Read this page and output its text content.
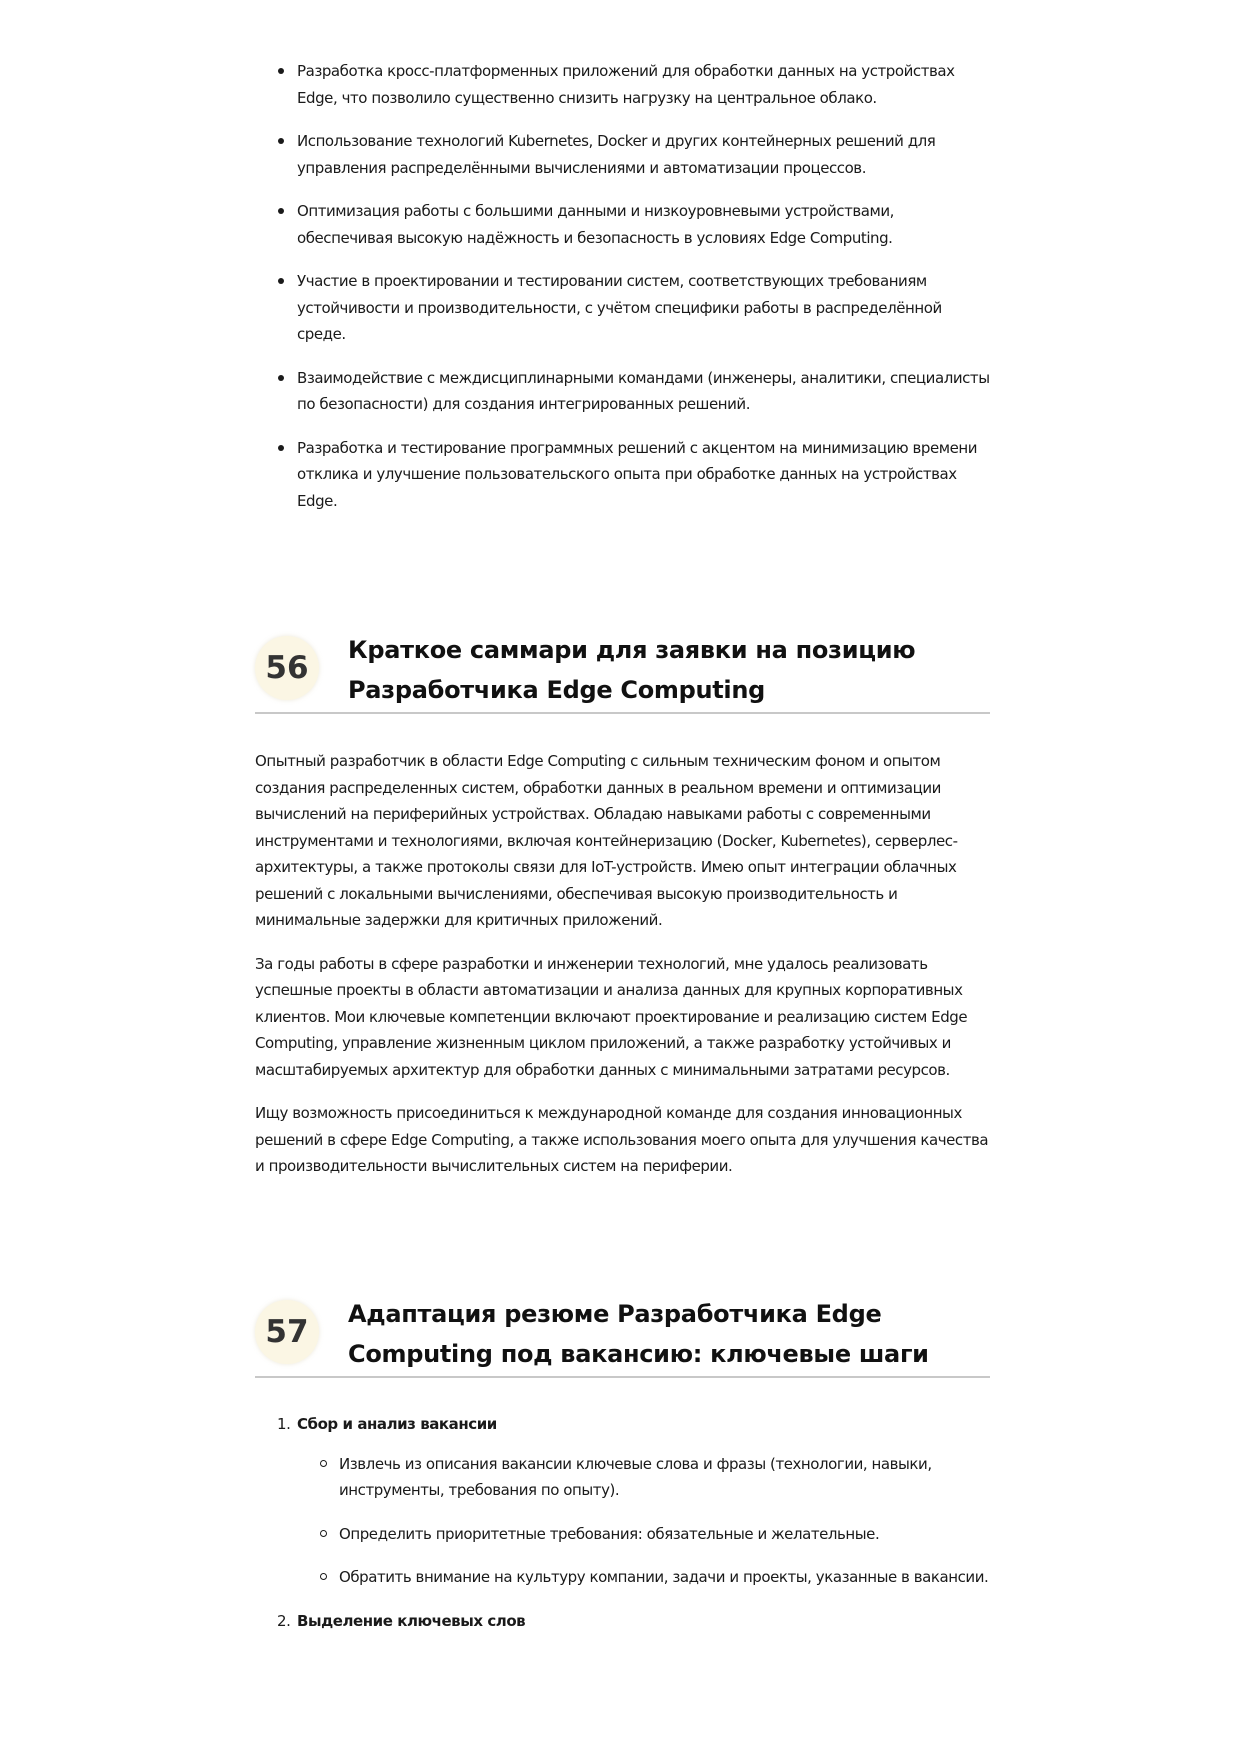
Разработка кросс-платформенных приложений для обработки данных на устройствах Edge, что позволило существенно снизить нагрузку на центральное облако.
Использование технологий Kubernetes, Docker и других контейнерных решений для управления распределёнными вычислениями и автоматизации процессов.
Оптимизация работы с большими данными и низкоуровневыми устройствами, обеспечивая высокую надёжность и безопасность в условиях Edge Computing.
Участие в проектировании и тестировании систем, соответствующих требованиям устойчивости и производительности, с учётом специфики работы в распределённой среде.
Взаимодействие с междисциплинарными командами (инженеры, аналитики, специалисты по безопасности) для создания интегрированных решений.
Разработка и тестирование программных решений с акцентом на минимизацию времени отклика и улучшение пользовательского опыта при обработке данных на устройствах Edge.
56	Краткое саммари для заявки на позицию Разработчика Edge Computing

Опытный разработчик в области Edge Computing с сильным техническим фоном и опытом создания распределенных систем, обработки данных в реальном времени и оптимизации вычислений на периферийных устройствах. Обладаю навыками работы с современными инструментами и технологиями, включая контейнеризацию (Docker, Kubernetes), серверлес-архитектуры, а также протоколы связи для IoT-устройств. Имею опыт интеграции облачных решений с локальными вычислениями, обеспечивая высокую производительность и минимальные задержки для критичных приложений.

За годы работы в сфере разработки и инженерии технологий, мне удалось реализовать успешные проекты в области автоматизации и анализа данных для крупных корпоративных клиентов. Мои ключевые компетенции включают проектирование и реализацию систем Edge Computing, управление жизненным циклом приложений, а также разработку устойчивых и масштабируемых архитектур для обработки данных с минимальными затратами ресурсов.

Ищу возможность присоединиться к международной команде для создания инновационных решений в сфере Edge Computing, а также использования моего опыта для улучшения качества и производительности вычислительных систем на периферии.

57	Адаптация резюме Разработчика Edge Computing под вакансию: ключевые шаги
1. Сбор и анализ вакансии
Извлечь из описания вакансии ключевые слова и фразы (технологии, навыки, инструменты, требования по опыту).
Определить приоритетные требования: обязательные и желательные.
Обратить внимание на культуру компании, задачи и проекты, указанные в вакансии.
2. Выделение ключевых слов
